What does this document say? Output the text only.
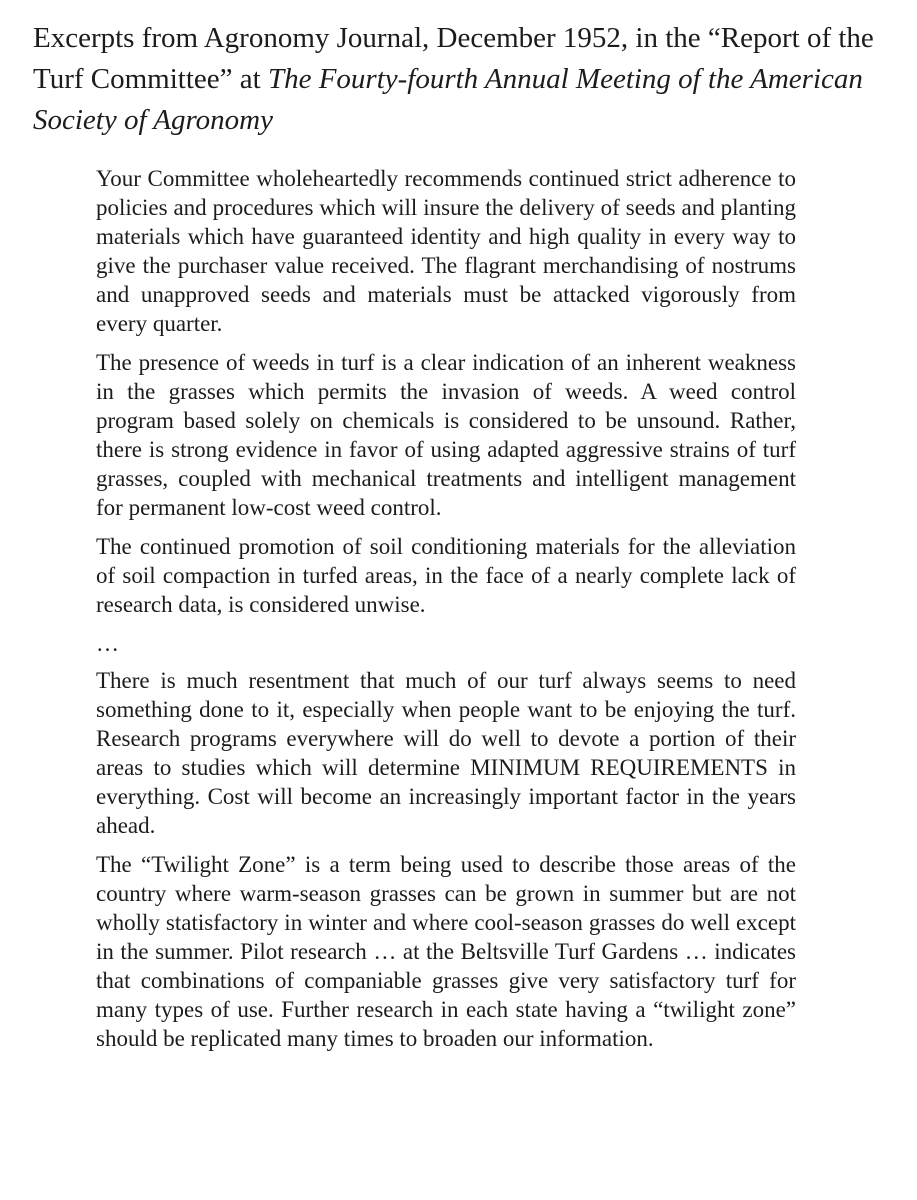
Excerpts from Agronomy Journal, December 1952, in the “Report of the Turf Committee” at The Fourty-fourth Annual Meeting of the American Society of Agronomy

Your Committee wholeheartedly recommends continued strict adherence to policies and procedures which will insure the delivery of seeds and planting materials which have guaranteed identity and high quality in every way to give the purchaser value received. The flagrant merchandising of nostrums and unapproved seeds and materials must be attacked vigorously from every quarter.

The presence of weeds in turf is a clear indication of an inherent weakness in the grasses which permits the invasion of weeds. A weed control program based solely on chemicals is considered to be unsound. Rather, there is strong evidence in favor of using adapted aggressive strains of turf grasses, coupled with mechanical treatments and intelligent management for permanent low-cost weed control.

The continued promotion of soil conditioning materials for the alleviation of soil compaction in turfed areas, in the face of a nearly complete lack of research data, is considered unwise.

…

There is much resentment that much of our turf always seems to need something done to it, especially when people want to be enjoying the turf. Research programs everywhere will do well to devote a portion of their areas to studies which will determine MINIMUM REQUIREMENTS in everything. Cost will become an increasingly important factor in the years ahead.

The “Twilight Zone” is a term being used to describe those areas of the country where warm-season grasses can be grown in summer but are not wholly statisfactory in winter and where cool-season grasses do well except in the summer. Pilot research … at the Beltsville Turf Gardens … indicates that combinations of companiable grasses give very satisfactory turf for many types of use. Further research in each state having a “twilight zone” should be replicated many times to broaden our information.
